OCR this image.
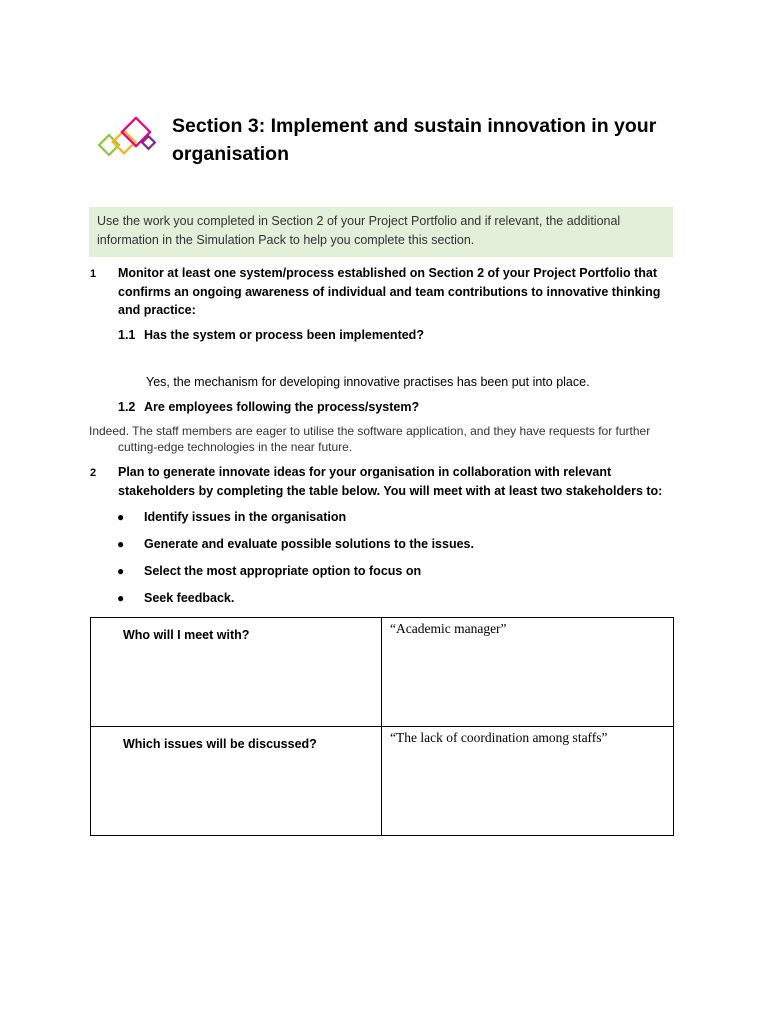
Section 3: Implement and sustain innovation in your organisation
Use the work you completed in Section 2 of your Project Portfolio and if relevant, the additional information in the Simulation Pack to help you complete this section.
1 Monitor at least one system/process established on Section 2 of your Project Portfolio that confirms an ongoing awareness of individual and team contributions to innovative thinking and practice:
1.1 Has the system or process been implemented?
Yes, the mechanism for developing innovative practises has been put into place.
1.2 Are employees following the process/system?
Indeed. The staff members are eager to utilise the software application, and they have requests for further
cutting-edge technologies in the near future.
2 Plan to generate innovate ideas for your organisation in collaboration with relevant stakeholders by completing the table below. You will meet with at least two stakeholders to:
● Identify issues in the organisation
● Generate and evaluate possible solutions to the issues.
● Select the most appropriate option to focus on
● Seek feedback.
Who will I meet with?	“Academic manager”
Which issues will be discussed?	“The lack of coordination among staffs”
